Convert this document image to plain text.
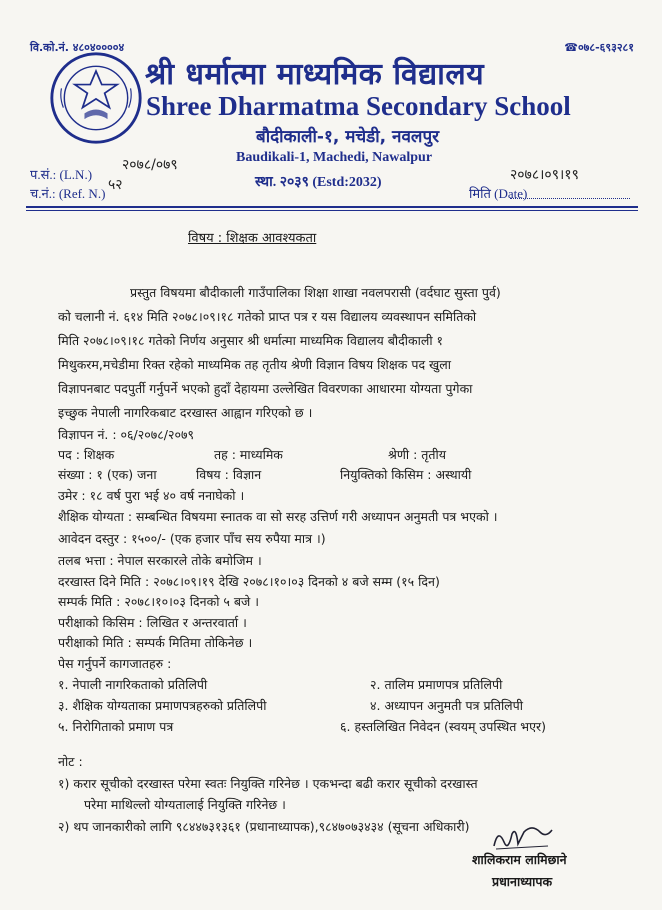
वि.को.नं. ४८०४००००४	☎०७८-६९३२८१
श्री धर्मात्मा माध्यमिक विद्यालय
Shree Dharmatma Secondary School
बौदीकाली-१, मचेडी, नवलपुर
Baudikali-1, Machedi, Nawalpur
स्था. २०३९ (Estd:2032)
प.सं.: (L.N.)
२०७८/०७९
च.नं.: (Ref. N.)
५२
मिति (Date)
२०७८।०९।१९
विषय : शिक्षक आवश्यकता
प्रस्तुत विषयमा बौदीकाली गाउँपालिका शिक्षा शाखा नवलपरासी (वर्दघाट सुस्ता पुर्व)
को चलानी नं. ६१४ मिति २०७८।०९।१८ गतेको प्राप्त पत्र र यस विद्यालय व्यवस्थापन समितिको
मिति २०७८।०९।१८ गतेको निर्णय अनुसार श्री धर्मात्मा माध्यमिक विद्यालय बौदीकाली १
मिथुकरम,मचेडीमा रिक्त रहेको माध्यमिक तह तृतीय श्रेणी विज्ञान विषय शिक्षक पद खुला
विज्ञापनबाट पदपुर्ती गर्नुपर्ने भएको हुदाँ देहायमा उल्लेखित विवरणका आधारमा योग्यता पुगेका
इच्छुक नेपाली नागरिकबाट दरखास्त आह्वान गरिएको छ ।
विज्ञापन नं. : ०६/२०७८/२०७९
पद : शिक्षक	तह : माध्यमिक	श्रेणी : तृतीय
संख्या : १ (एक) जना	विषय : विज्ञान	नियुक्तिको किसिम : अस्थायी
उमेर : १८ वर्ष पुरा भई ४० वर्ष ननाघेको ।
शैक्षिक योग्यता : सम्बन्धित विषयमा स्नातक वा सो सरह उत्तिर्ण गरी अध्यापन अनुमती पत्र भएको ।
आवेदन दस्तुर : १५००/- (एक हजार पाँच सय रुपैया मात्र ।)
तलब भत्ता : नेपाल सरकारले तोके बमोजिम ।
दरखास्त दिने मिति : २०७८।०९।१९ देखि २०७८।१०।०३ दिनको ४ बजे सम्म (१५ दिन)
सम्पर्क मिति : २०७८।१०।०३ दिनको ५ बजे ।
परीक्षाको किसिम : लिखित र अन्तरवार्ता ।
परीक्षाको मिति : सम्पर्क मितिमा तोकिनेछ ।
पेस गर्नुपर्ने कागजातहरु :
१. नेपाली नागरिकताको प्रतिलिपी	२. तालिम प्रमाणपत्र प्रतिलिपी
३. शैक्षिक योग्यताका प्रमाणपत्रहरुको प्रतिलिपी	४. अध्यापन अनुमती पत्र प्रतिलिपी
५. निरोगिताको प्रमाण पत्र	६. हस्तलिखित निवेदन (स्वयम् उपस्थित भएर)
नोट :
१) करार सूचीको दरखास्त परेमा स्वतः नियुक्ति गरिनेछ । एकभन्दा बढी करार सूचीको दरखास्त
परेमा माथिल्लो योग्यतालाई नियुक्ति गरिनेछ ।
२) थप जानकारीको लागि ९८४४७३१३६१ (प्रधानाध्यापक),९८४७०७३४३४ (सूचना अधिकारी)
शालिकराम लामिछाने
प्रधानाध्यापक
